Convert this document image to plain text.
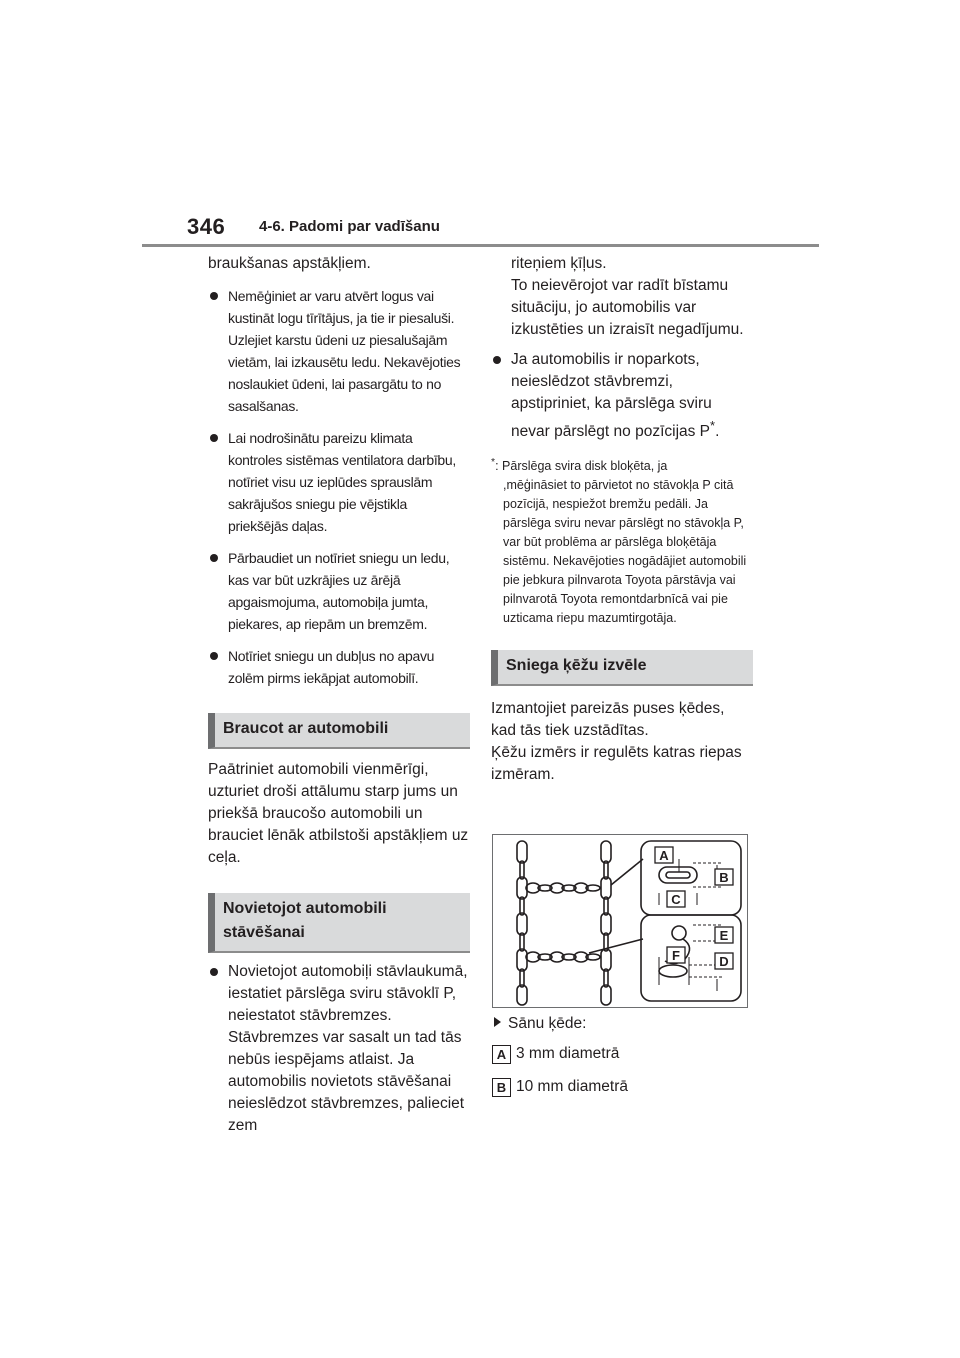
346 4-6. Padomi par vadīšanu

braukšanas apstākļiem.

Nemēģiniet ar varu atvērt logus vai kustināt logu tīrītājus, ja tie ir piesaluši. Uzlejiet karstu ūdeni uz piesalušajām vietām, lai izkausētu ledu. Nekavējoties noslaukiet ūdeni, lai pasargātu to no sasalšanas.
Lai nodrošinātu pareizu klimata kontroles sistēmas ventilatora darbību, notīriet visu uz ieplūdes sprauslām sakrājušos sniegu pie vējstikla priekšējās daļas.
Pārbaudiet un notīriet sniegu un ledu, kas var būt uzkrājies uz ārējā apgaismojuma, automobiļa jumta, piekares, ap riepām un bremzēm.
Notīriet sniegu un dubļus no apavu zolēm pirms iekāpjat automobilī.
Braucot ar automobili

Paātriniet automobili vienmērīgi, uzturiet droši attālumu starp jums un priekšā braucošo automobili un brauciet lēnāk atbilstoši apstākļiem uz ceļa.

Novietojot automobili stāvēšanai
Novietojot automobiļi stāvlaukumā, iestatiet pārslēga sviru stāvoklī P, neiestatot stāvbremzes. Stāvbremzes var sasalt un tad tās nebūs iespējams atlaist. Ja automobilis novietots stāvēšanai neieslēdzot stāvbremzes, palieciet zem

riteņiem ķīļus.
To neievērojot var radīt bīstamu situāciju, jo automobilis var izkustēties un izraisīt negadījumu.

Ja automobilis ir noparkots, neieslēdzot stāvbremzi, apstipriniet, ka pārslēga sviru nevar pārslēgt no pozīcijas P*.

*: Pārslēga svira disk bloķēta, ja
,mēģināsiet to pārvietot no stāvokļa P citā pozīcijā, nespiežot bremžu pedāli. Ja pārslēga sviru nevar pārslēgt no stāvokļa P, var būt problēma ar pārslēga bloķētāja sistēmu. Nekavējoties nogādājiet automobili pie jebkura pilnvarota Toyota pārstāvja vai pilnvarotā Toyota remontdarbnīcā vai pie uzticama riepu mazumtirgotāja.

Sniega ķēžu izvēle

Izmantojiet pareizās puses ķēdes, kad tās tiek uzstādītas.
Ķēžu izmērs ir regulēts katras riepas izmēram.

A
B
C
E
F	D
Sānu ķēde:
A 3 mm diametrā
B 10 mm diametrā
